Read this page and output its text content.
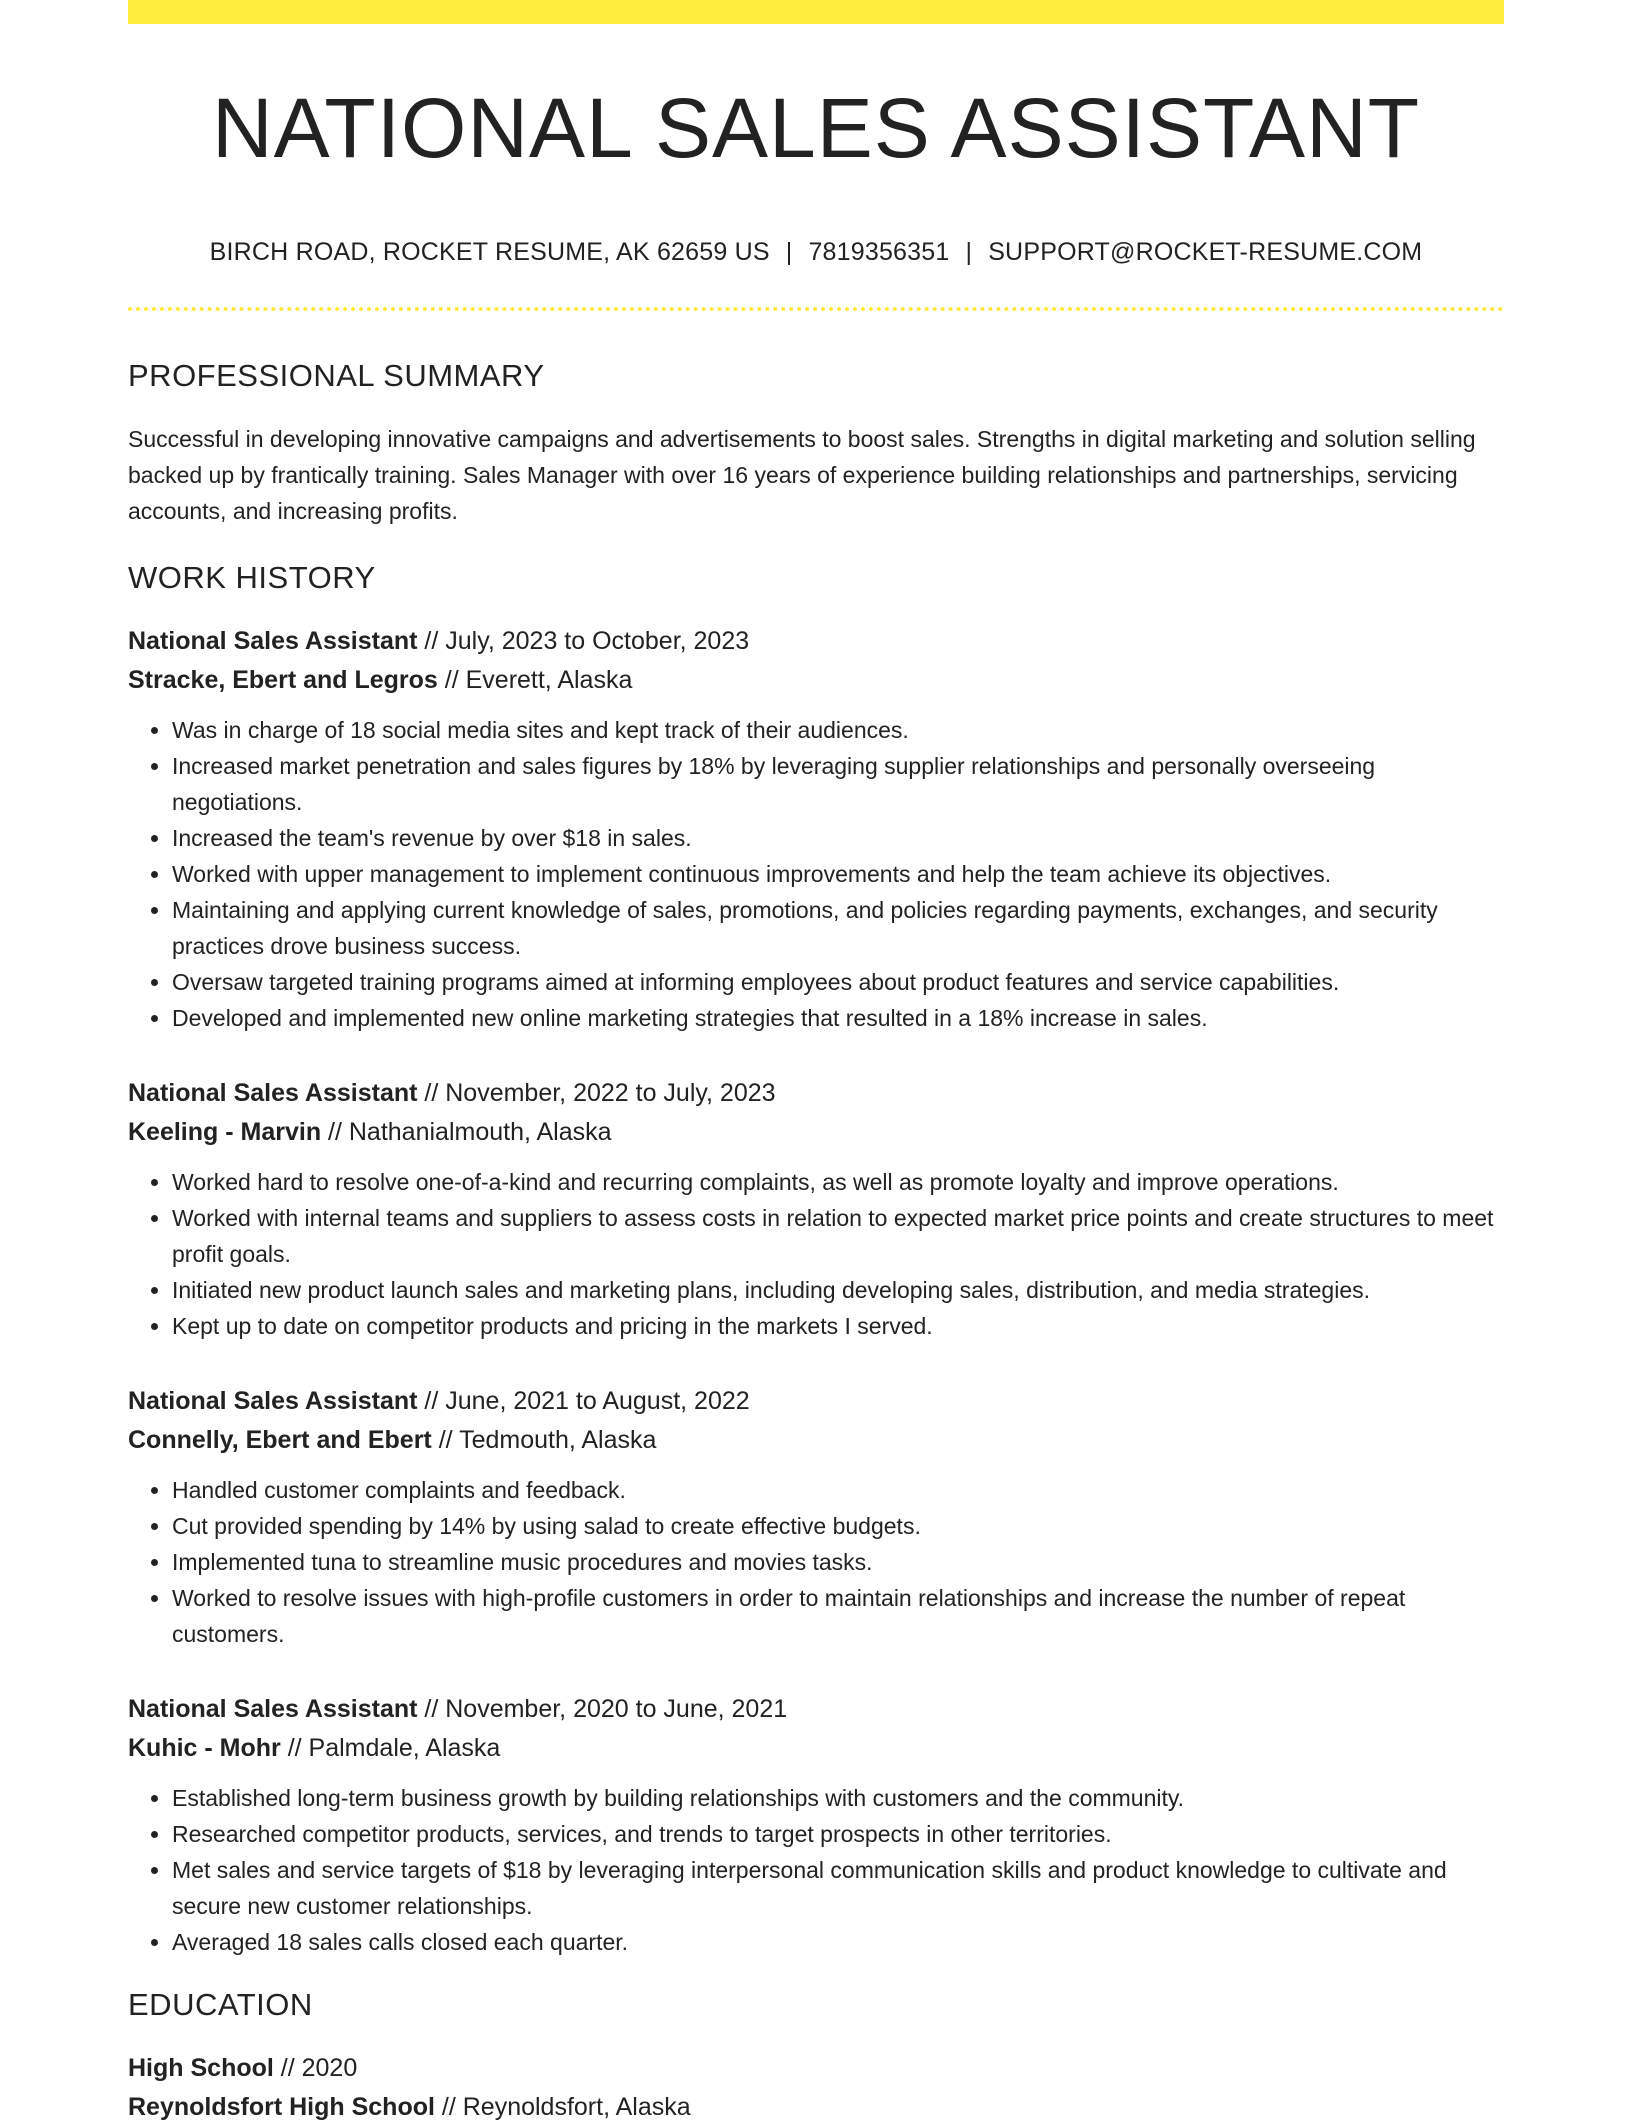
NATIONAL SALES ASSISTANT
BIRCH ROAD, ROCKET RESUME, AK 62659 US | 7819356351 | SUPPORT@ROCKET-RESUME.COM
PROFESSIONAL SUMMARY
Successful in developing innovative campaigns and advertisements to boost sales. Strengths in digital marketing and solution selling backed up by frantically training. Sales Manager with over 16 years of experience building relationships and partnerships, servicing accounts, and increasing profits.
WORK HISTORY
National Sales Assistant // July, 2023 to October, 2023
Stracke, Ebert and Legros // Everett, Alaska
• Was in charge of 18 social media sites and kept track of their audiences.
• Increased market penetration and sales figures by 18% by leveraging supplier relationships and personally overseeing negotiations.
• Increased the team's revenue by over $18 in sales.
• Worked with upper management to implement continuous improvements and help the team achieve its objectives.
• Maintaining and applying current knowledge of sales, promotions, and policies regarding payments, exchanges, and security practices drove business success.
• Oversaw targeted training programs aimed at informing employees about product features and service capabilities.
• Developed and implemented new online marketing strategies that resulted in a 18% increase in sales.
National Sales Assistant // November, 2022 to July, 2023
Keeling - Marvin // Nathanialmouth, Alaska
• Worked hard to resolve one-of-a-kind and recurring complaints, as well as promote loyalty and improve operations.
• Worked with internal teams and suppliers to assess costs in relation to expected market price points and create structures to meet profit goals.
• Initiated new product launch sales and marketing plans, including developing sales, distribution, and media strategies.
• Kept up to date on competitor products and pricing in the markets I served.
National Sales Assistant // June, 2021 to August, 2022
Connelly, Ebert and Ebert // Tedmouth, Alaska
• Handled customer complaints and feedback.
• Cut provided spending by 14% by using salad to create effective budgets.
• Implemented tuna to streamline music procedures and movies tasks.
• Worked to resolve issues with high-profile customers in order to maintain relationships and increase the number of repeat customers.
National Sales Assistant // November, 2020 to June, 2021
Kuhic - Mohr // Palmdale, Alaska
• Established long-term business growth by building relationships with customers and the community.
• Researched competitor products, services, and trends to target prospects in other territories.
• Met sales and service targets of $18 by leveraging interpersonal communication skills and product knowledge to cultivate and secure new customer relationships.
• Averaged 18 sales calls closed each quarter.
EDUCATION
High School // 2020
Reynoldsfort High School // Reynoldsfort, Alaska
